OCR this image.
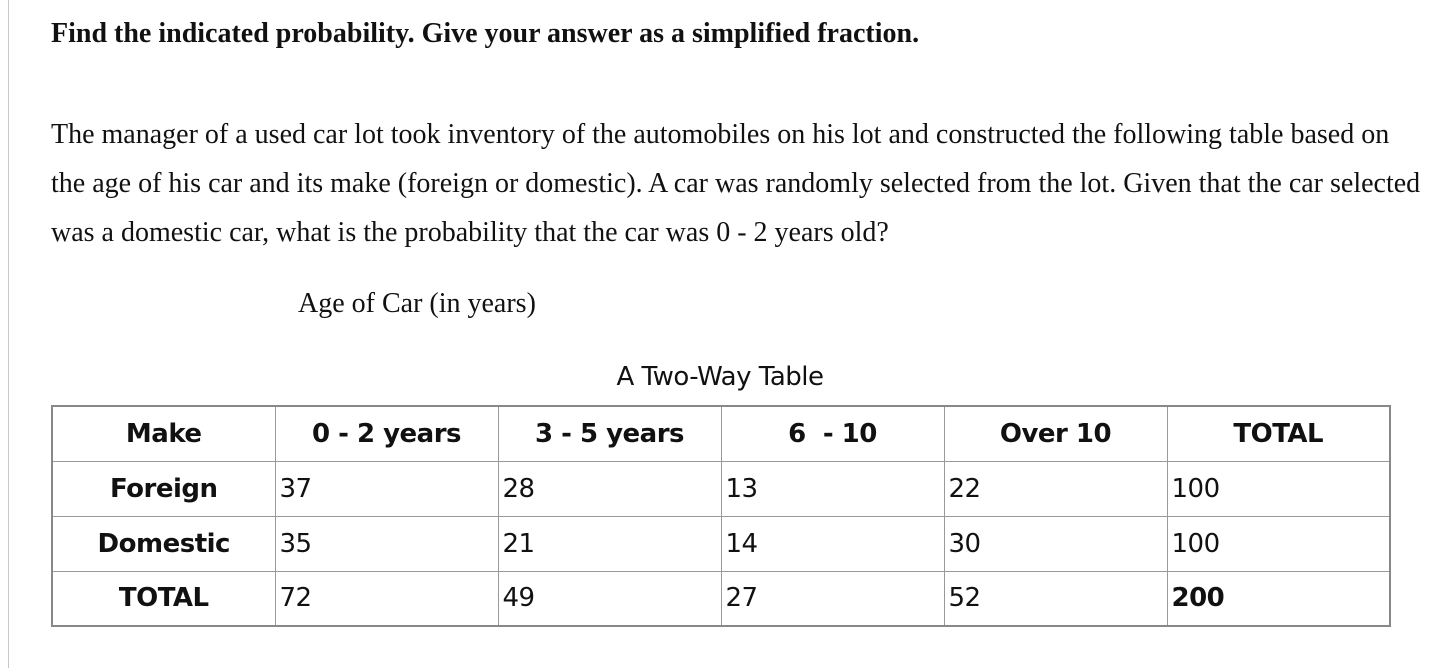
Find the indicated probability. Give your answer as a simplified fraction.

The manager of a used car lot took inventory of the automobiles on his lot and constructed the following table based on the age of his car and its make (foreign or domestic). A car was randomly selected from the lot. Given that the car selected was a domestic car, what is the probability that the car was 0 - 2 years old?

Age of Car (in years)

A Two-Way Table
Make	0 - 2 years	3 - 5 years	6  - 10	Over 10	TOTAL
Foreign	37	28	13	22	100
Domestic	35	21	14	30	100
TOTAL	72	49	27	52	200
